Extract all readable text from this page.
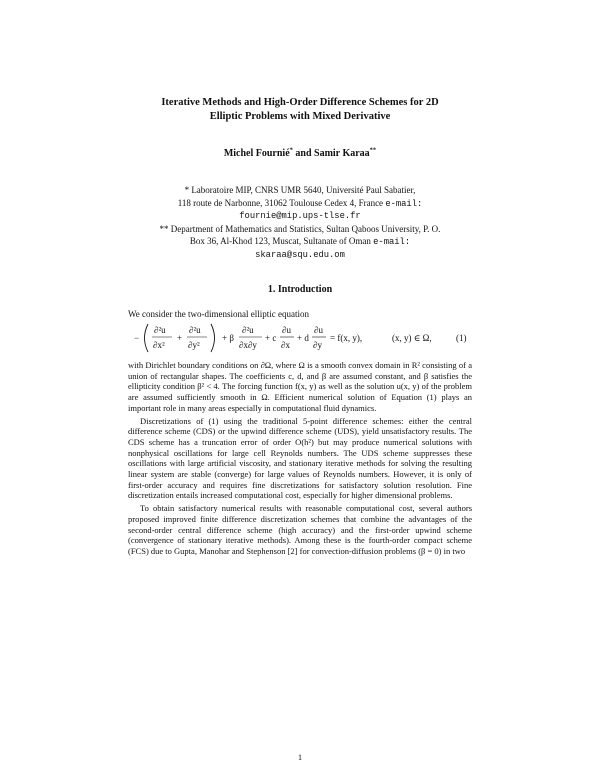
Iterative Methods and High-Order Difference Schemes for 2D
Elliptic Problems with Mixed Derivative
Michel Fournié* and Samir Karaa**
* Laboratoire MIP, CNRS UMR 5640, Université Paul Sabatier,
118 route de Narbonne, 31062 Toulouse Cedex 4, France e-mail:
fournie@mip.ups-tlse.fr
** Department of Mathematics and Statistics, Sultan Qaboos University, P. O.
Box 36, Al-Khod 123, Muscat, Sultanate of Oman e-mail:
skaraa@squ.edu.om
1. Introduction
We consider the two-dimensional elliptic equation
−
∂²u
∂x²
+
∂²u
∂y²
+ β
∂²u
∂x∂y
+ c
∂u
∂x
+ d
∂u
∂y
= f(x, y),	(x, y) ∈ Ω,	(1)

with Dirichlet boundary conditions on ∂Ω, where Ω is a smooth convex domain in R² consisting of a union of rectangular shapes. The coefficients c, d, and β are assumed constant, and β satisfies the ellipticity condition β² < 4. The forcing function f(x, y) as well as the solution u(x, y) of the problem are assumed sufficiently smooth in Ω. Efficient numerical solution of Equation (1) plays an important role in many areas especially in computational fluid dynamics.

Discretizations of (1) using the traditional 5-point difference schemes: either the central difference scheme (CDS) or the upwind difference scheme (UDS), yield unsatisfactory results. The CDS scheme has a truncation error of order O(h²) but may produce numerical solutions with nonphysical oscillations for large cell Reynolds numbers. The UDS scheme suppresses these oscillations with large artificial viscosity, and stationary iterative methods for solving the resulting linear system are stable (converge) for large values of Reynolds numbers. However, it is only of first-order accuracy and requires fine discretizations for satisfactory solution resolution. Fine discretization entails increased computational cost, especially for higher dimensional problems.

To obtain satisfactory numerical results with reasonable computational cost, several authors proposed improved finite difference discretization schemes that combine the advantages of the second-order central difference scheme (high accuracy) and the first-order upwind scheme (convergence of stationary iterative methods). Among these is the fourth-order compact scheme (FCS) due to Gupta, Manohar and Stephenson [2] for convection-diffusion problems (β = 0) in two

1
